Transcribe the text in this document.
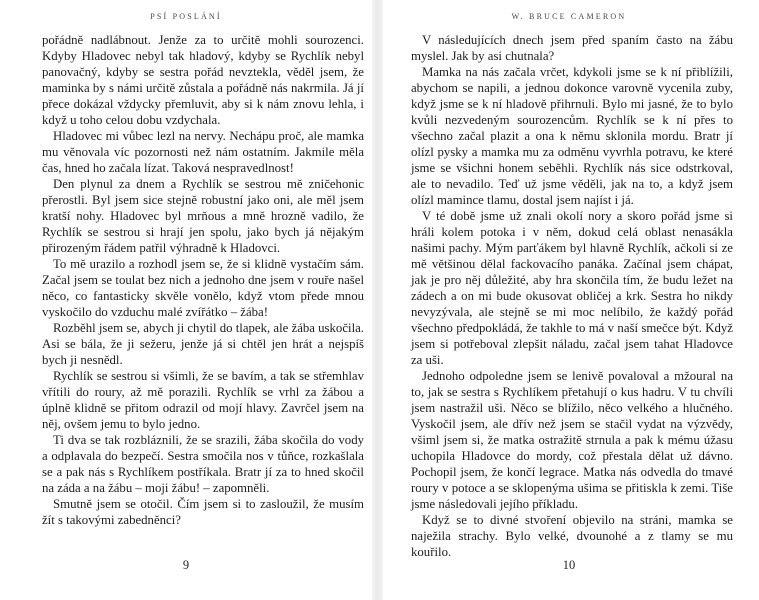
PSÍ POSLÁNÍ

pořádně nadlábnout. Jenže za to určitě mohli sourozenci. Kdyby Hladovec nebyl tak hladový, kdyby se Rychlík nebyl panovačný, kdyby se sestra pořád nevztekla, věděl jsem, že maminka by s námi určitě zůstala a pořádně nás nakrmila. Já jí přece dokázal vždycky přemluvit, aby si k nám znovu lehla, i když u toho celou dobu vzdychala.

Hladovec mi vůbec lezl na nervy. Nechápu proč, ale mamka mu věnovala víc pozornosti než nám ostatním. Jakmile měla čas, hned ho začala lízat. Taková nespravedlnost!

Den plynul za dnem a Rychlík se sestrou mě zničehonic přerostli. Byl jsem sice stejně robustní jako oni, ale měl jsem kratší nohy. Hladovec byl mrňous a mně hrozně vadilo, že Rychlík se sestrou si hrají jen spolu, jako bych já nějakým přirozeným řádem patřil výhradně k Hladovci.

To mě urazilo a rozhodl jsem se, že si klidně vystačím sám. Začal jsem se toulat bez nich a jednoho dne jsem v rouře našel něco, co fantasticky skvěle vonělo, když vtom přede mnou vyskočilo do vzduchu malé zvířátko – žába!

Rozběhl jsem se, abych ji chytil do tlapek, ale žába uskočila. Asi se bála, že ji sežeru, jenže já si chtěl jen hrát a nejspíš bych ji nesnědl.

Rychlík se sestrou si všimli, že se bavím, a tak se střemhlav vřítili do roury, až mě porazili. Rychlík se vrhl za žábou a úplně klidně se přitom odrazil od mojí hlavy. Zavrčel jsem na něj, ovšem jemu to bylo jedno.

Ti dva se tak rozbláznili, že se srazili, žába skočila do vody a odplavala do bezpečí. Sestra smočila nos v tůňce, rozkašlala se a pak nás s Rychlíkem postříkala. Bratr jí za to hned skočil na záda a na žábu – moji žábu! – zapomněli.

Smutně jsem se otočil. Čím jsem si to zasloužil, že musím žít s takovými zabedněnci?

9
W. BRUCE CAMERON

V následujících dnech jsem před spaním často na žábu myslel. Jak by asi chutnala?

Mamka na nás začala vrčet, kdykoli jsme se k ní přiblížili, abychom se napili, a jednou dokonce varovně vycenila zuby, když jsme se k ní hladově přihrnuli. Bylo mi jasné, že to bylo kvůli nezvedeným sourozencům. Rychlík se k ní přes to všechno začal plazit a ona k němu sklonila mordu. Bratr jí olízl pysky a mamka mu za odměnu vyvrhla potravu, ke které jsme se všichni honem seběhli. Rychlík nás sice odstrkoval, ale to nevadilo. Teď už jsme věděli, jak na to, a když jsem olízl mamince tlamu, dostal jsem najíst i já.

V té době jsme už znali okolí nory a skoro pořád jsme si hráli kolem potoka i v něm, dokud celá oblast nenasákla našimi pachy. Mým parťákem byl hlavně Rychlík, ačkoli si ze mě většinou dělal fackovacího panáka. Začínal jsem chápat, jak je pro něj důležité, aby hra skončila tím, že budu ležet na zádech a on mi bude okusovat obličej a krk. Sestra ho nikdy nevyzývala, ale stejně se mi moc nelíbilo, že každý pořád všechno předpokládá, že takhle to má v naší smečce být. Když jsem si potřeboval zlepšit náladu, začal jsem tahat Hladovce za uši.

Jednoho odpoledne jsem se lenivě povaloval a mžoural na to, jak se sestra s Rychlíkem přetahují o kus hadru. V tu chvíli jsem nastražil uši. Něco se blížilo, něco velkého a hlučného. Vyskočil jsem, ale dřív než jsem se stačil vydat na výzvědy, všiml jsem si, že matka ostražitě strnula a pak k mému úžasu uchopila Hladovce do mordy, což přestala dělat už dávno. Pochopil jsem, že končí legrace. Matka nás odvedla do tmavé roury v potoce a se sklopenýma ušima se přitiskla k zemi. Tiše jsme následovali jejího příkladu.

Když se to divné stvoření objevilo na stráni, mamka se naježila strachy. Bylo velké, dvounohé a z tlamy se mu kouřilo.

10
